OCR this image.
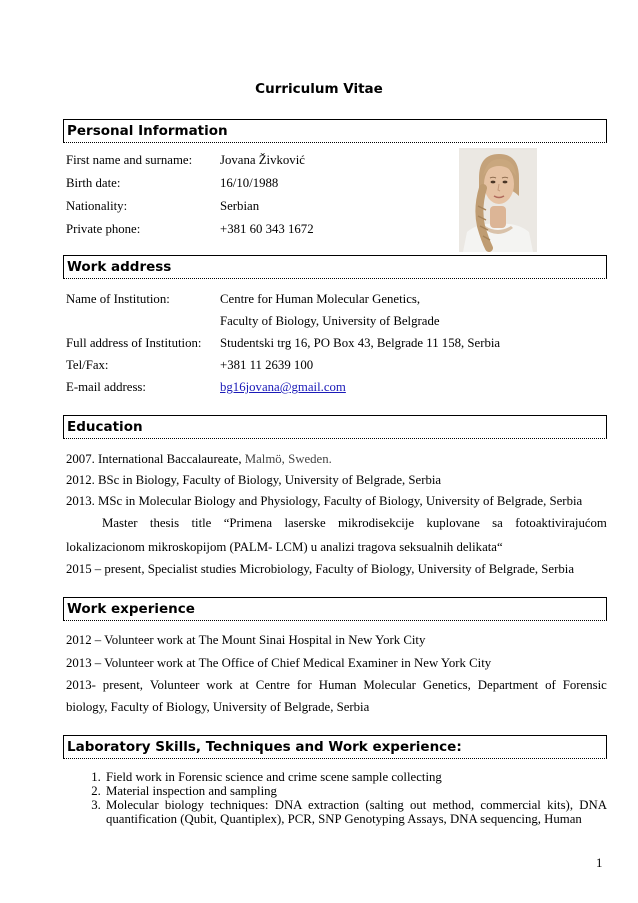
Curriculum Vitae
Personal Information
First name and surname: Jovana Živković
Birth date:	16/10/1988
Nationality:	Serbian
Private phone:	+381 60 343 1672
Work address
Name of Institution:	Centre for Human Molecular Genetics,
Faculty of Biology, University of Belgrade
Full address of Institution: Studentski trg 16, PO Box 43, Belgrade 11 158, Serbia
Tel/Fax:	+381 11 2639 100
E-mail address:	bg16jovana@gmail.com
Education
2007. International Baccalaureate, Malmö, Sweden.
2012. BSc in Biology, Faculty of Biology, University of Belgrade, Serbia
2013. MSc in Molecular Biology and Physiology, Faculty of Biology, University of Belgrade, Serbia
Master thesis title “Primena laserske mikrodisekcije kuplovane sa fotoaktivirajućom
lokalizacionom mikroskopijom (PALM- LCM) u analizi tragova seksualnih delikata“
2015 – present, Specialist studies Microbiology, Faculty of Biology, University of Belgrade, Serbia
Work experience
2012 – Volunteer work at The Mount Sinai Hospital in New York City
2013 – Volunteer work at The Office of Chief Medical Examiner in New York City
2013- present, Volunteer work at Centre for Human Molecular Genetics, Department of Forensic
biology, Faculty of Biology, University of Belgrade, Serbia
Laboratory Skills, Techniques and Work experience:
1. Field work in Forensic science and crime scene sample collecting
2. Material inspection and sampling
3. Molecular biology techniques: DNA extraction (salting out method, commercial kits), DNA quantification (Qubit, Quantiplex), PCR, SNP Genotyping Assays, DNA sequencing, Human
1
